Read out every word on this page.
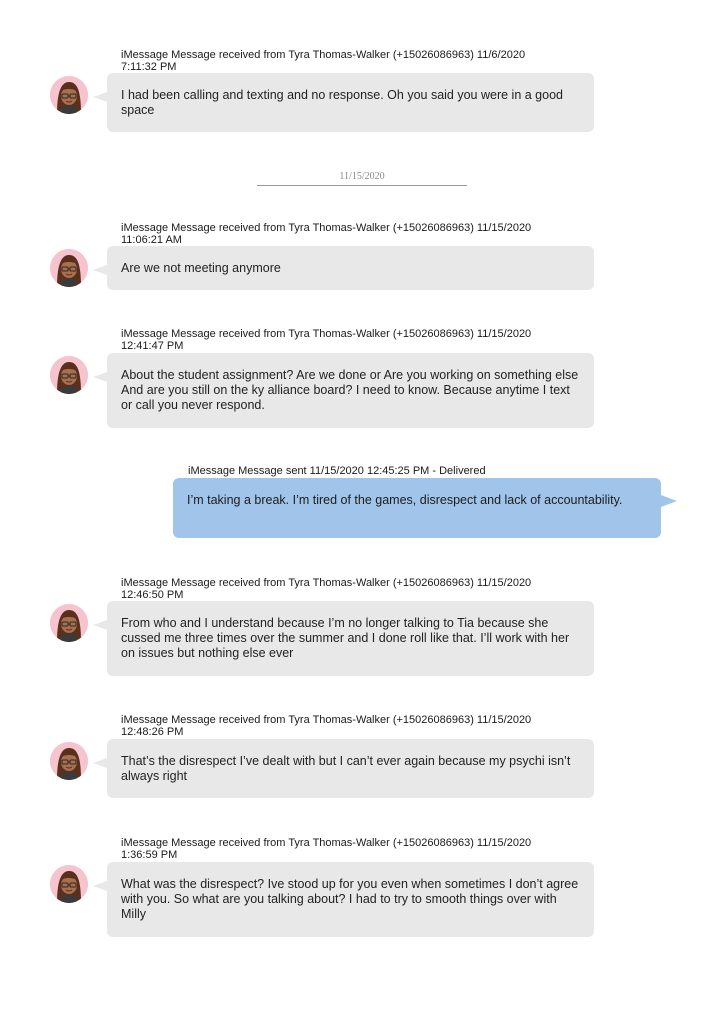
iMessage Message received from Tyra Thomas-Walker (+15026086963) 11/6/2020
7:11:32 PM
I had been calling and texting and no response. Oh you said you were in a good space
11/15/2020
iMessage Message received from Tyra Thomas-Walker (+15026086963) 11/15/2020
11:06:21 AM
Are we not meeting anymore
iMessage Message received from Tyra Thomas-Walker (+15026086963) 11/15/2020
12:41:47 PM
About the student assignment? Are we done or Are you working on something else And are you still on the ky alliance board? I need to know. Because anytime I text or call you never respond.
iMessage Message sent 11/15/2020 12:45:25 PM - Delivered
I’m taking a break. I’m tired of the games, disrespect and lack of accountability.
iMessage Message received from Tyra Thomas-Walker (+15026086963) 11/15/2020
12:46:50 PM
From who and I understand because I’m no longer talking to Tia because she cussed me three times over the summer and I done roll like that. I’ll work with her on issues but nothing else ever
iMessage Message received from Tyra Thomas-Walker (+15026086963) 11/15/2020
12:48:26 PM
That’s the disrespect I’ve dealt with but I can’t ever again because my psychi isn’t always right
iMessage Message received from Tyra Thomas-Walker (+15026086963) 11/15/2020
1:36:59 PM
What was the disrespect? Ive stood up for you even when sometimes I don’t agree with you. So what are you talking about? I had to try to smooth things over with Milly
